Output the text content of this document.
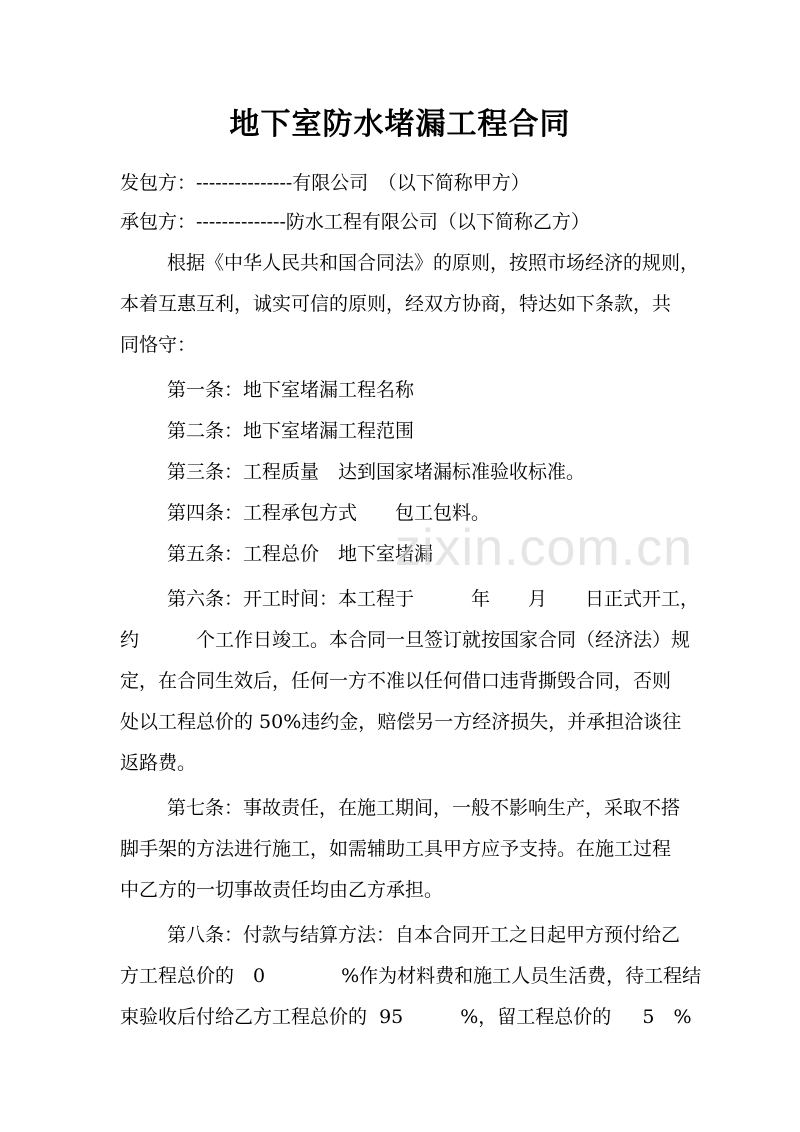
地下室防水堵漏工程合同
发包方：---------------有限公司　（以下简称甲方）
承包方：--------------防水工程有限公司（以下简称乙方）
根据《中华人民共和国合同法》的原则，按照市场经济的规则，
本着互惠互利，诚实可信的原则，经双方协商，特达如下条款，共
同恪守：
第一条：地下室堵漏工程名称
第二条：地下室堵漏工程范围
第三条：工程质量　达到国家堵漏标准验收标准。
第四条：工程承包方式　　包工包料。
第五条：工程总价　地下室堵漏
第六条：开工时间：本工程于　　　年　　月　　日正式开工，
约　　　个工作日竣工。本合同一旦签订就按国家合同（经济法）规
定，在合同生效后，任何一方不准以任何借口违背撕毁合同，否则
处以工程总价的 50%违约金，赔偿另一方经济损失，并承担洽谈往
返路费。
第七条：事故责任，在施工期间，一般不影响生产，采取不搭
脚手架的方法进行施工，如需辅助工具甲方应予支持。在施工过程
中乙方的一切事故责任均由乙方承担。
第八条：付款与结算方法：自本合同开工之日起甲方预付给乙
方工程总价的　0　　　　%作为材料费和施工人员生活费，待工程结
束验收后付给乙方工程总价的  95　　　%，留工程总价的　  5　%
zixin.com.cn
